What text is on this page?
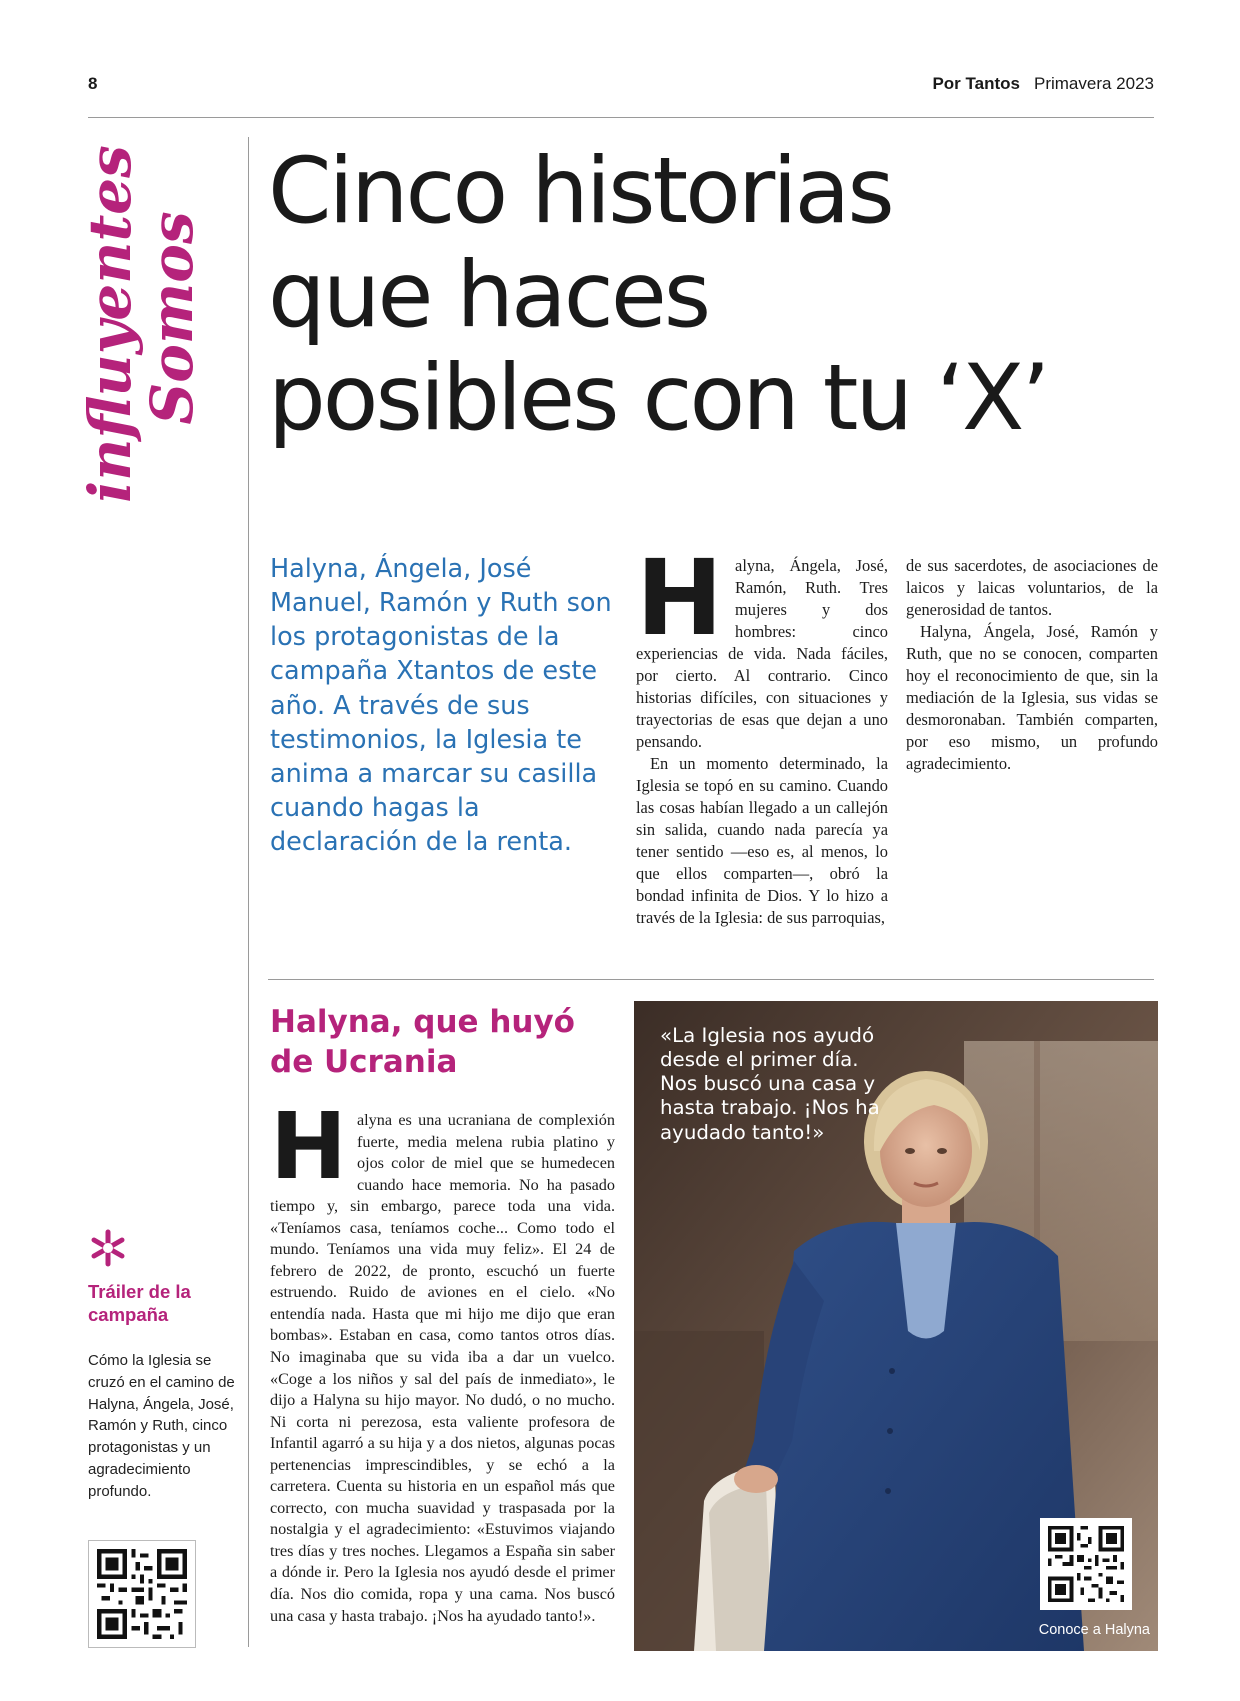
8	Por Tantos Primavera 2023
Somos
influyentes Cinco historias
que haces
posibles con tu ‘X’

Halyna, Ángela, José Manuel, Ramón y Ruth son los protagonistas de la campaña Xtantos de este año. A través de sus testimonios, la Iglesia te anima a marcar su casilla cuando hagas la declaración de la renta.

Halyna, Ángela, José, Ramón, Ruth. Tres mujeres y dos hombres: cinco experiencias de vida. Nada fáciles, por cierto. Al contrario. Cinco historias difíciles, con situaciones y trayectorias de esas que dejan a uno pensando.

En un momento determinado, la Iglesia se topó en su camino. Cuando las cosas habían llegado a un callejón sin salida, cuando nada parecía ya tener sentido —eso es, al menos, lo que ellos comparten—, obró la bondad infinita de Dios. Y lo hizo a través de la Iglesia: de sus parroquias,

de sus sacerdotes, de asociaciones de laicos y laicas voluntarios, de la generosidad de tantos.

Halyna, Ángela, José, Ramón y Ruth, que no se conocen, comparten hoy el reconocimiento de que, sin la mediación de la Iglesia, sus vidas se desmoronaban. También comparten, por eso mismo, un profundo agradecimiento.

Halyna, que huyó de Ucrania
Halyna es una ucraniana de complexión fuerte, media melena rubia platino y ojos color de miel que se humedecen cuando hace memoria. No ha pasado tiempo y, sin embargo, parece toda una vida. «Teníamos casa, teníamos coche... Como todo el mundo. Teníamos una vida muy feliz». El 24 de febrero de 2022, de pronto, escuchó un fuerte estruendo. Ruido de aviones en el cielo. «No entendía nada. Hasta que mi hijo me dijo que eran bombas». Estaban en casa, como tantos otros días. No imaginaba que su vida iba a dar un vuelco. «Coge a los niños y sal del país de inmediato», le dijo a Halyna su hijo mayor. No dudó, o no mucho. Ni corta ni perezosa, esta valiente profesora de Infantil agarró a su hija y a dos nietos, algunas pocas pertenencias imprescindibles, y se echó a la carretera. Cuenta su historia en un español más que correcto, con mucha suavidad y traspasada por la nostalgia y el agradecimiento: «Estuvimos viajando tres días y tres noches. Llegamos a España sin saber a dónde ir. Pero la Iglesia nos ayudó desde el primer día. Nos dio comida, ropa y una cama. Nos buscó una casa y hasta trabajo. ¡Nos ha ayudado tanto!».
Tráiler de la campaña
Cómo la Iglesia se cruzó en el camino de Halyna, Ángela, José, Ramón y Ruth, cinco protagonistas y un agradecimiento profundo.

«La Iglesia nos ayudó desde el primer día. Nos buscó una casa y hasta trabajo. ¡Nos ha ayudado tanto!»

Conoce a Halyna
